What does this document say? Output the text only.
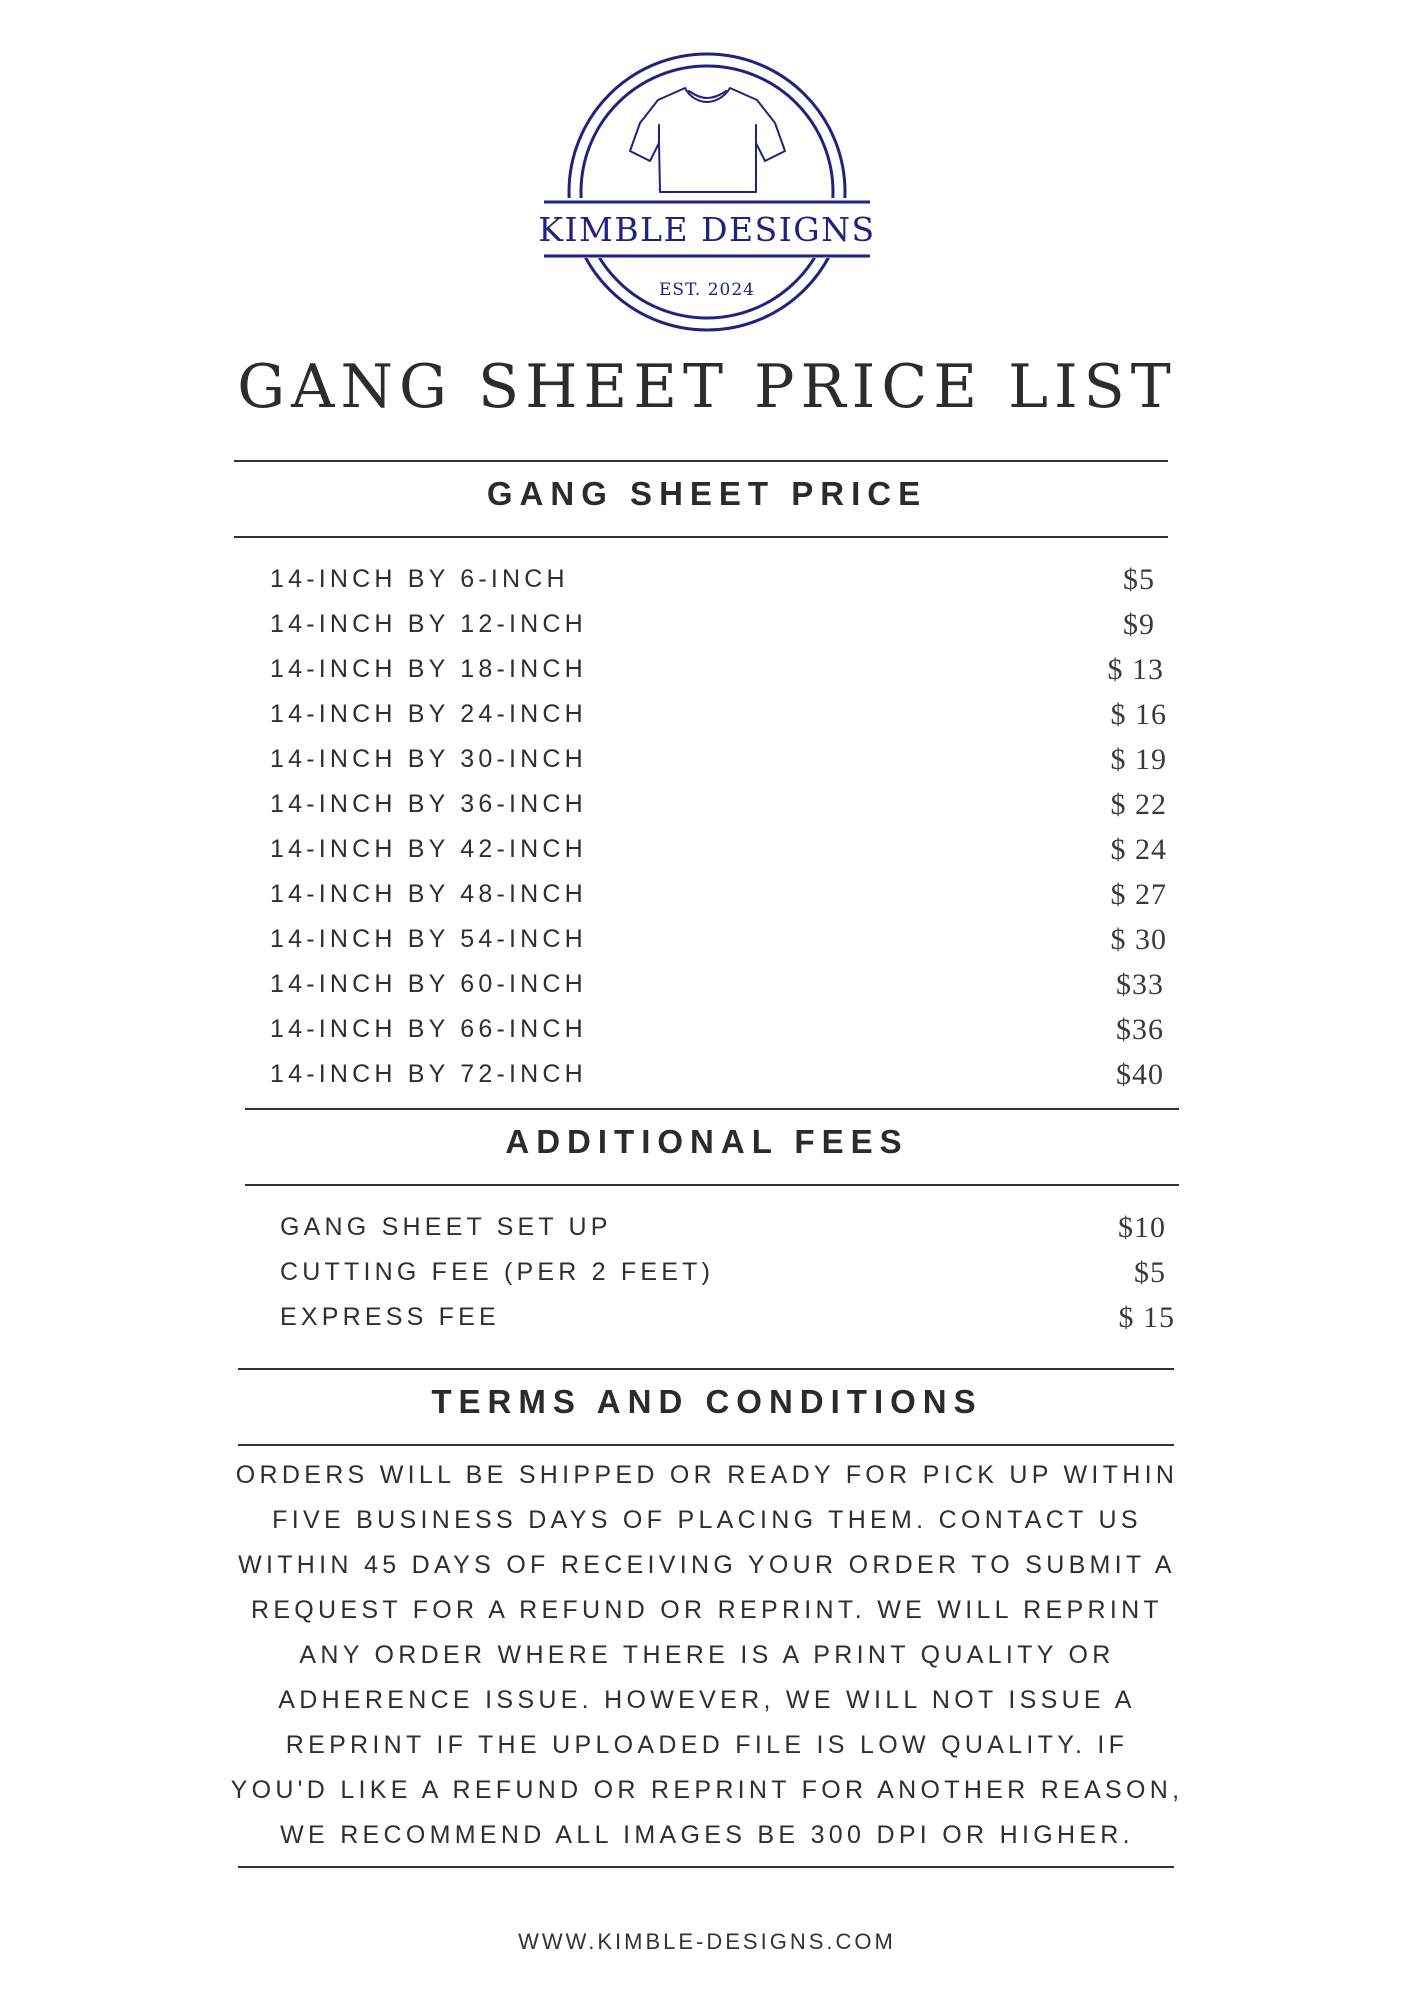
KIMBLE DESIGNS
EST. 2024
GANG SHEET PRICE LIST
GANG SHEET PRICE
14-INCH BY 6-INCH	$5
14-INCH BY 12-INCH	$9
14-INCH BY 18-INCH	$ 13
14-INCH BY 24-INCH	$ 16
14-INCH BY 30-INCH	$ 19
14-INCH BY 36-INCH	$ 22
14-INCH BY 42-INCH	$ 24
14-INCH BY 48-INCH	$ 27
14-INCH BY 54-INCH	$ 30
14-INCH BY 60-INCH	$33
14-INCH BY 66-INCH	$36
14-INCH BY 72-INCH	$40
ADDITIONAL FEES
GANG SHEET SET UP	$10
CUTTING FEE (PER 2 FEET)	$5
EXPRESS FEE	$ 15
TERMS AND CONDITIONS
ORDERS WILL BE SHIPPED OR READY FOR PICK UP WITHIN
FIVE BUSINESS DAYS OF PLACING THEM. CONTACT US
WITHIN 45 DAYS OF RECEIVING YOUR ORDER TO SUBMIT A
REQUEST FOR A REFUND OR REPRINT. WE WILL REPRINT
ANY ORDER WHERE THERE IS A PRINT QUALITY OR
ADHERENCE ISSUE. HOWEVER, WE WILL NOT ISSUE A
REPRINT IF THE UPLOADED FILE IS LOW QUALITY. IF
YOU'D LIKE A REFUND OR REPRINT FOR ANOTHER REASON,
WE RECOMMEND ALL IMAGES BE 300 DPI OR HIGHER.
WWW.KIMBLE-DESIGNS.COM
